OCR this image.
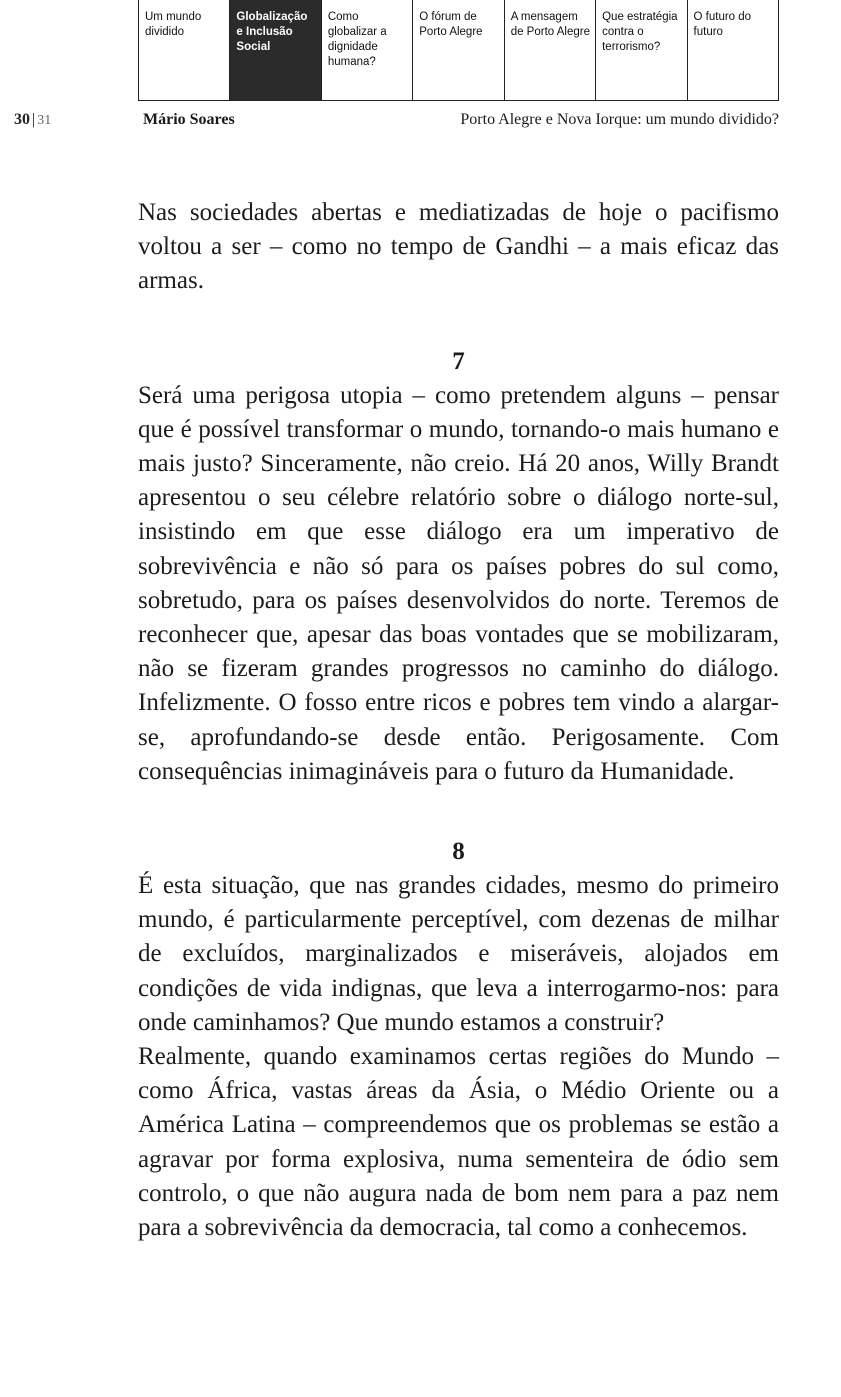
Um mundo dividido
Globalização e Inclusão Social
Como globalizar a dignidade humana?
O fórum de Porto Alegre
A mensagem de Porto Alegre
Que estratégia contra o terrorismo?
O futuro do futuro
30 | 31	Mário Soares	Porto Alegre e Nova Iorque: um mundo dividido?

Nas sociedades abertas e mediatizadas de hoje o pacifismo voltou a ser – como no tempo de Gandhi – a mais eficaz das armas.

7

Será uma perigosa utopia – como pretendem alguns – pensar que é possível transformar o mundo, tornando-o mais humano e mais justo? Sinceramente, não creio. Há 20 anos, Willy Brandt apresentou o seu célebre relatório sobre o diálogo norte-sul, insistindo em que esse diálogo era um imperativo de sobrevivência e não só para os países pobres do sul como, sobretudo, para os países desenvolvidos do norte. Teremos de reconhecer que, apesar das boas vontades que se mobilizaram, não se fizeram grandes progressos no caminho do diálogo. Infelizmente. O fosso entre ricos e pobres tem vindo a alargar-se, aprofundando-se desde então. Perigosamente. Com consequências inimagináveis para o futuro da Humanidade.

8

É esta situação, que nas grandes cidades, mesmo do primeiro mundo, é particularmente perceptível, com dezenas de milhar de excluídos, marginalizados e miseráveis, alojados em condições de vida indignas, que leva a interrogarmo-nos: para onde caminhamos? Que mundo estamos a construir?

Realmente, quando examinamos certas regiões do Mundo – como África, vastas áreas da Ásia, o Médio Oriente ou a América Latina – compreendemos que os problemas se estão a agravar por forma explosiva, numa sementeira de ódio sem controlo, o que não augura nada de bom nem para a paz nem para a sobrevivência da democracia, tal como a conhecemos.
